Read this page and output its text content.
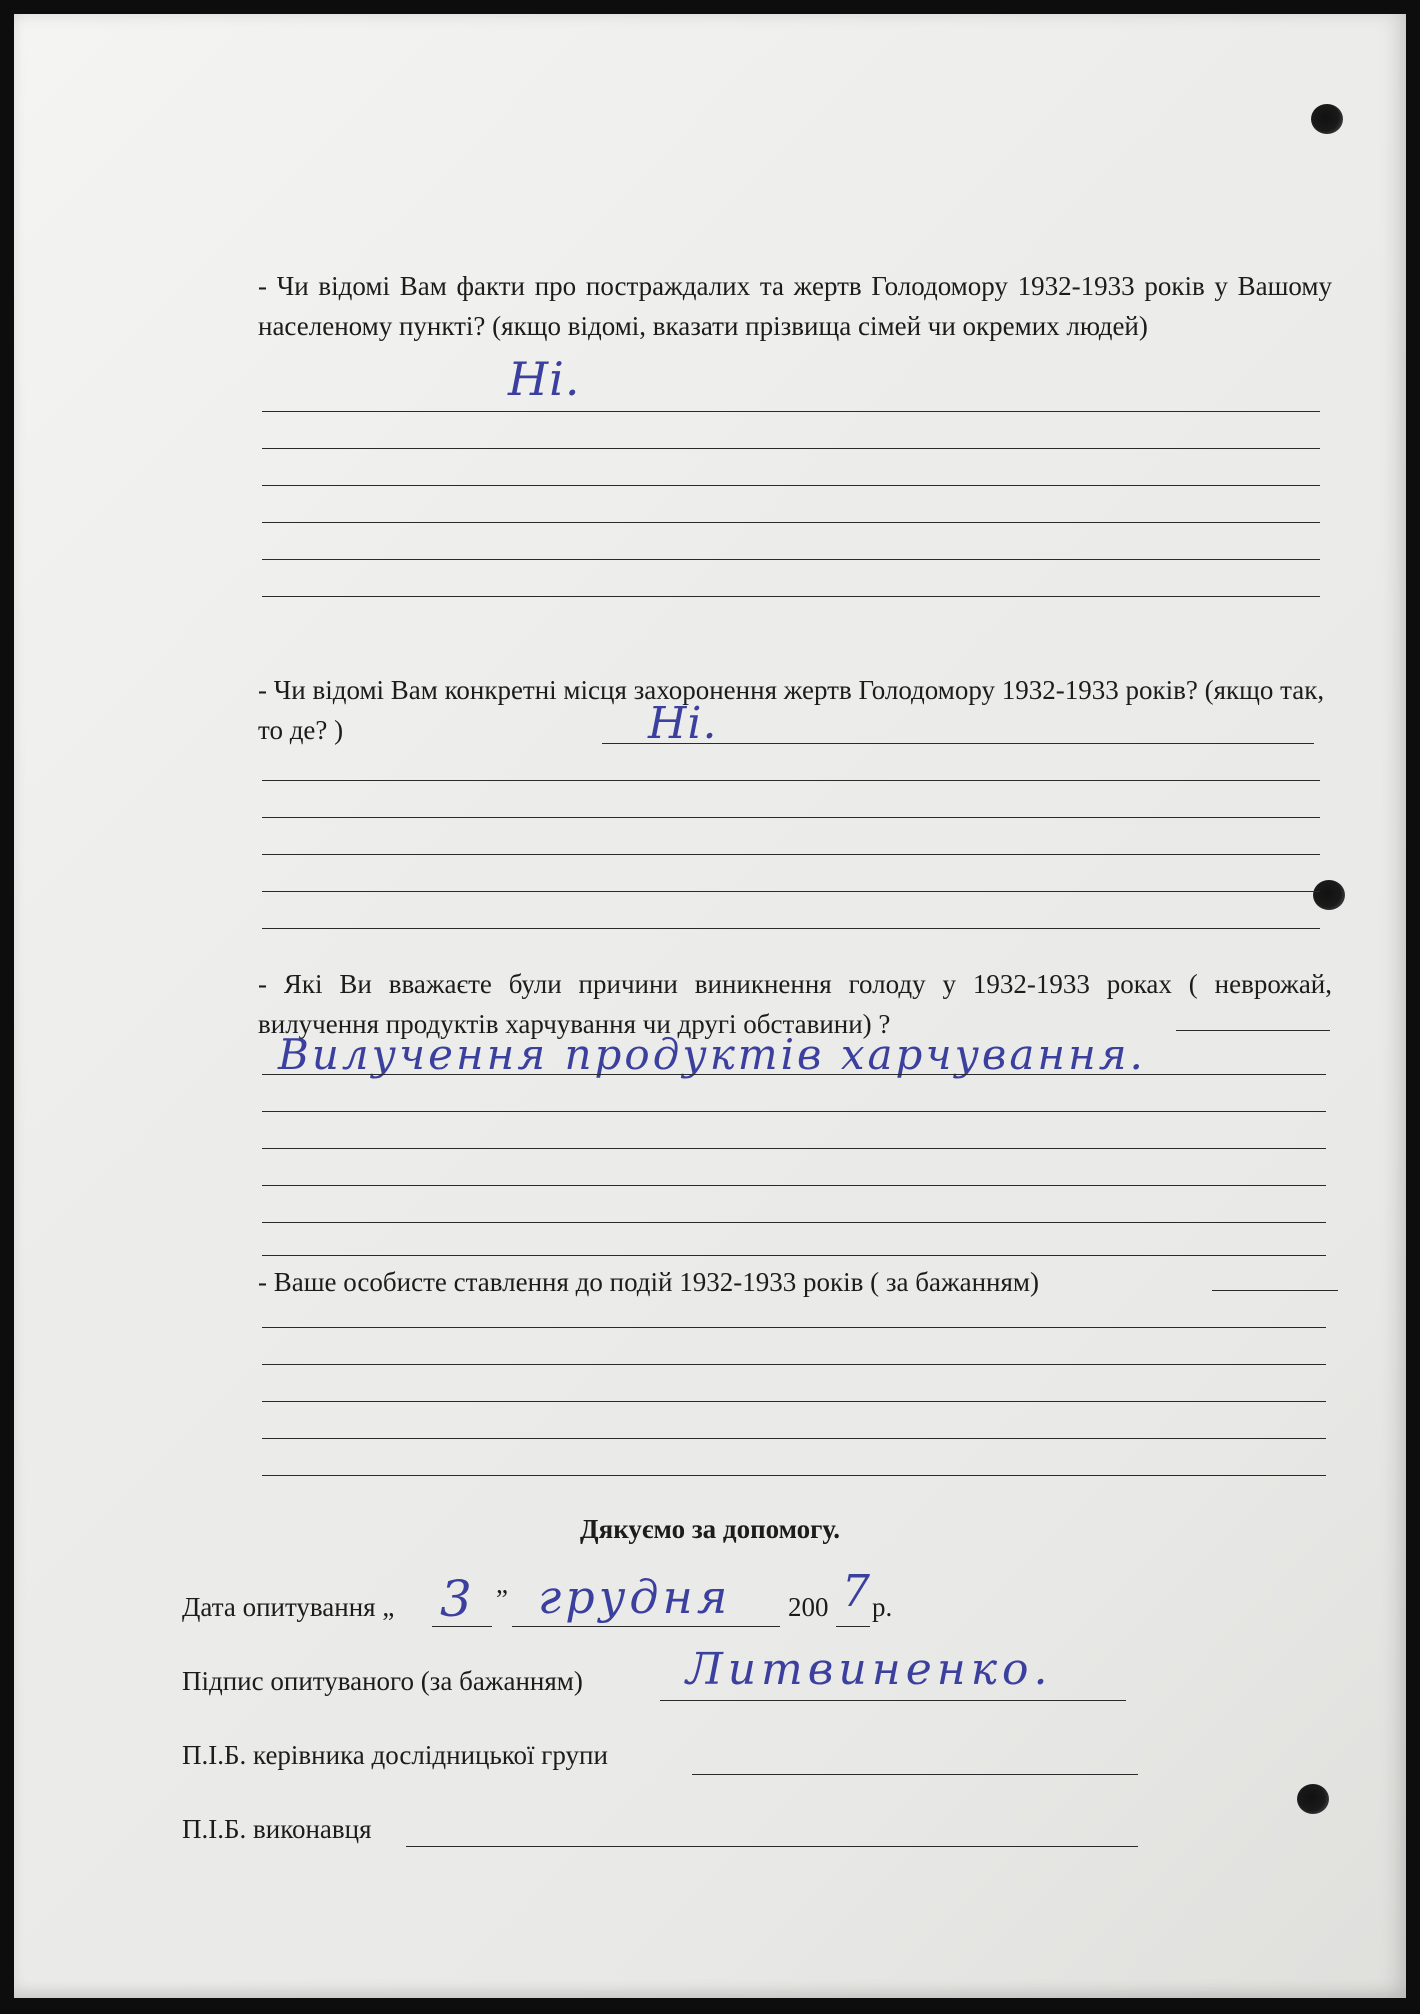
- Чи відомі Вам факти про постраждалих та жертв Голодомору 1932-1933 років у Вашому населеному пункті? (якщо відомі, вказати прізвища сімей чи окремих людей)

Ні.

- Чи відомі Вам конкретні місця захоронення жертв Голодомору 1932-1933 років? (якщо так, то де? )	Ні.

- Які Ви вважаєте були причини виникнення голоду у 1932-1933 роках ( неврожай, вилучення продуктів харчування чи другі обставини) ?

Вилучення продуктів харчування.

- Ваше особисте ставлення до подій 1932-1933 років ( за бажанням)

Дякуємо за допомогу.
Дата опитування „ 3 ” грудня 200 7 р.
Підпис опитуваного (за бажанням) Литвиненко.
П.І.Б. керівника дослідницької групи
П.І.Б. виконавця
